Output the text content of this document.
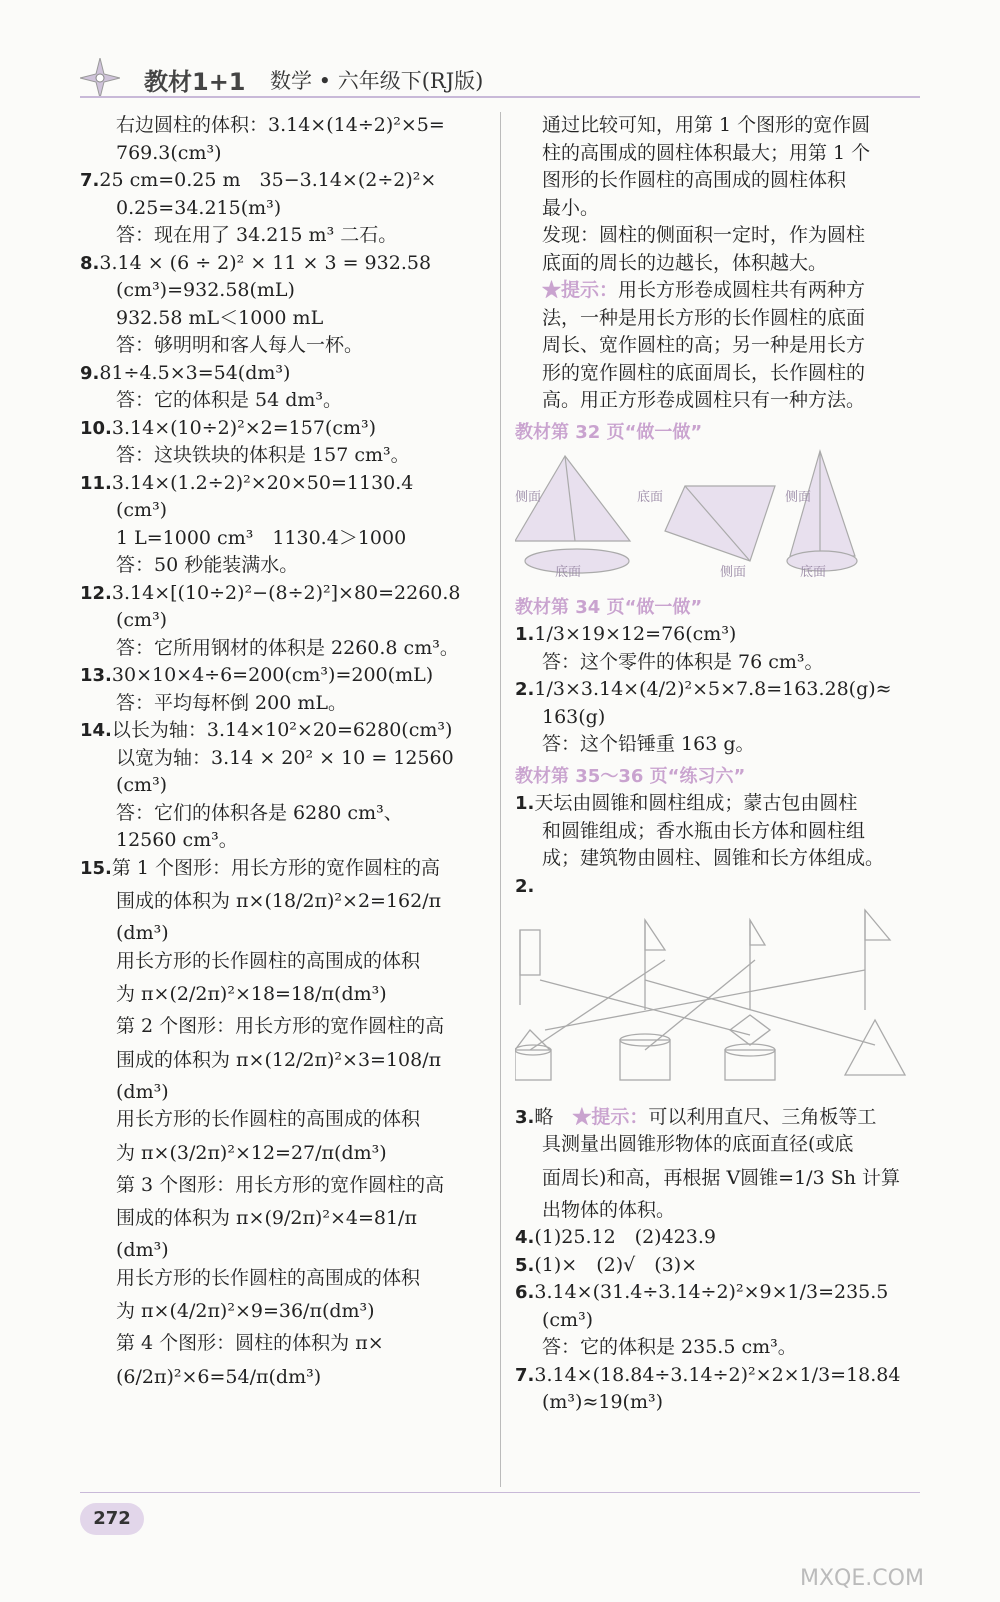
教材1+1 数学 • 六年级下(RJ版)
右边圆柱的体积：3.14×(14÷2)²×5=
769.3(cm³)
7.25 cm=0.25 m　35−3.14×(2÷2)²×
0.25=34.215(m³)
答：现在用了 34.215 m³ 二石。
8.3.14 × (6 ÷ 2)² × 11 × 3 = 932.58
(cm³)=932.58(mL)
932.58 mL＜1000 mL
答：够明明和客人每人一杯。
9.81÷4.5×3=54(dm³)
答：它的体积是 54 dm³。
10.3.14×(10÷2)²×2=157(cm³)
答：这块铁块的体积是 157 cm³。
11.3.14×(1.2÷2)²×20×50=1130.4
(cm³)
1 L=1000 cm³　1130.4＞1000
答：50 秒能装满水。
12.3.14×[(10÷2)²−(8÷2)²]×80=2260.8
(cm³)
答：它所用钢材的体积是 2260.8 cm³。
13.30×10×4÷6=200(cm³)=200(mL)
答：平均每杯倒 200 mL。
14.以长为轴：3.14×10²×20=6280(cm³)
以宽为轴：3.14 × 20² × 10 = 12560
(cm³)
答：它们的体积各是 6280 cm³、
12560 cm³。
15.第 1 个图形：用长方形的宽作圆柱的高
围成的体积为 π×(18/2π)²×2=162/π
(dm³)
用长方形的长作圆柱的高围成的体积
为 π×(2/2π)²×18=18/π(dm³)
第 2 个图形：用长方形的宽作圆柱的高
围成的体积为 π×(12/2π)²×3=108/π
(dm³)
用长方形的长作圆柱的高围成的体积
为 π×(3/2π)²×12=27/π(dm³)
第 3 个图形：用长方形的宽作圆柱的高
围成的体积为 π×(9/2π)²×4=81/π
(dm³)
用长方形的长作圆柱的高围成的体积
为 π×(4/2π)²×9=36/π(dm³)
第 4 个图形：圆柱的体积为 π×
(6/2π)²×6=54/π(dm³)
通过比较可知，用第 1 个图形的宽作圆
柱的高围成的圆柱体积最大；用第 1 个
图形的长作圆柱的高围成的圆柱体积
最小。
发现：圆柱的侧面积一定时，作为圆柱
底面的周长的边越长，体积越大。
★提示：用长方形卷成圆柱共有两种方
法，一种是用长方形的长作圆柱的底面
周长、宽作圆柱的高；另一种是用长方
形的宽作圆柱的底面周长，长作圆柱的
高。用正方形卷成圆柱只有一种方法。
教材第 32 页“做一做”
侧面
底面
底面
侧面
侧面
底面
教材第 34 页“做一做”
1.1/3×19×12=76(cm³)
答：这个零件的体积是 76 cm³。
2.1/3×3.14×(4/2)²×5×7.8=163.28(g)≈
163(g)
答：这个铅锤重 163 g。
教材第 35～36 页“练习六”
1.天坛由圆锥和圆柱组成；蒙古包由圆柱
和圆锥组成；香水瓶由长方体和圆柱组
成；建筑物由圆柱、圆锥和长方体组成。
2.
3.略　 ★提示：可以利用直尺、三角板等工
具测量出圆锥形物体的底面直径(或底
面周长)和高，再根据 V圆锥=1/3 Sh 计算
出物体的体积。
4.(1)25.12　(2)423.9
5.(1)×　(2)√　(3)×
6.3.14×(31.4÷3.14÷2)²×9×1/3=235.5
(cm³)
答：它的体积是 235.5 cm³。
7.3.14×(18.84÷3.14÷2)²×2×1/3=18.84
(m³)≈19(m³)
272
MXQE.COM
